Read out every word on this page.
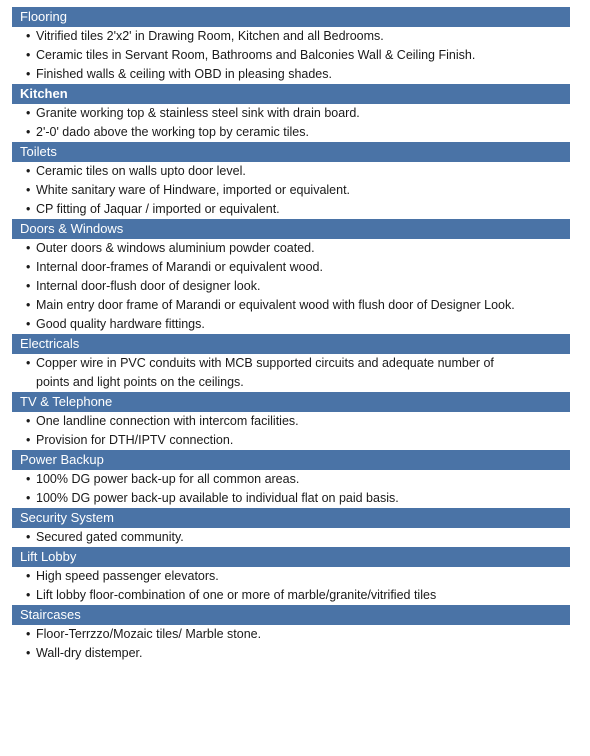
Flooring
• Vitrified tiles 2'x2' in Drawing Room, Kitchen and all Bedrooms.
• Ceramic tiles in Servant Room, Bathrooms and Balconies Wall & Ceiling Finish.
• Finished walls & ceiling with OBD in pleasing shades.
Kitchen
• Granite working top & stainless steel sink with drain board.
• 2'-0' dado above the working top by ceramic tiles.
Toilets
• Ceramic tiles on walls upto door level.
• White sanitary ware of Hindware, imported or equivalent.
• CP fitting of Jaquar / imported or equivalent.
Doors & Windows
• Outer doors & windows aluminium powder coated.
• Internal door-frames of Marandi or equivalent wood.
• Internal door-flush door of designer look.
• Main entry door frame of Marandi or equivalent wood with flush door of Designer Look.
• Good quality hardware fittings.
Electricals
• Copper wire in PVC conduits with MCB supported circuits and adequate number of points and light points on the ceilings.
TV & Telephone
• One landline connection with intercom facilities.
• Provision for DTH/IPTV connection.
Power Backup
• 100% DG power back-up for all common areas.
• 100% DG power back-up available to individual flat on paid basis.
Security System
• Secured gated community.
Lift Lobby
• High speed passenger elevators.
• Lift lobby floor-combination of one or more of marble/granite/vitrified tiles
Staircases
• Floor-Terrzzo/Mozaic tiles/ Marble stone.
• Wall-dry distemper.
